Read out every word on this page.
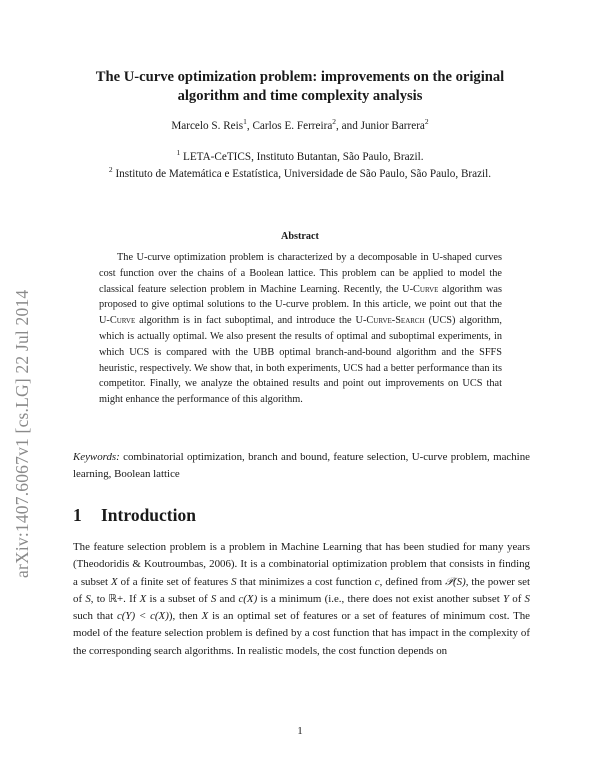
arXiv:1407.6067v1 [cs.LG] 22 Jul 2014
The U-curve optimization problem: improvements on the original
algorithm and time complexity analysis
Marcelo S. Reis$^1$, Carlos E. Ferreira$^2$, and Junior Barrera$^2$
$^1$ LETA-CeTICS, Instituto Butantan, São Paulo, Brazil.
$^2$ Instituto de Matemática e Estatística, Universidade de São Paulo, São Paulo, Brazil.
Abstract
The U-curve optimization problem is characterized by a decomposable in U-shaped curves cost function over the chains of a Boolean lattice. This problem can be applied to model the classical feature selection problem in Machine Learning. Recently, the U-Curve algorithm was proposed to give optimal solutions to the U-curve problem. In this article, we point out that the U-Curve algorithm is in fact suboptimal, and introduce the U-Curve-Search (UCS) algorithm, which is actually optimal. We also present the results of optimal and suboptimal experiments, in which UCS is compared with the UBB optimal branch-and-bound algorithm and the SFFS heuristic, respectively. We show that, in both experiments, UCS had a better performance than its competitor. Finally, we analyze the obtained results and point out improvements on UCS that might enhance the performance of this algorithm.
Keywords: combinatorial optimization, branch and bound, feature selection, U-curve problem, machine learning, Boolean lattice
1 Introduction
The feature selection problem is a problem in Machine Learning that has been studied for many years (Theodoridis & Koutroumbas, 2006). It is a combinatorial optimization problem that consists in finding a subset X of a finite set of features S that minimizes a cost function c, defined from 𝒫(S), the power set of S, to ℝ+. If X is a subset of S and c(X) is a minimum (i.e., there does not exist another subset Y of S such that c(Y) < c(X)), then X is an optimal set of features or a set of features of minimum cost. The model of the feature selection problem is defined by a cost function that has impact in the complexity of the corresponding search algorithms. In realistic models, the cost function depends on
1
